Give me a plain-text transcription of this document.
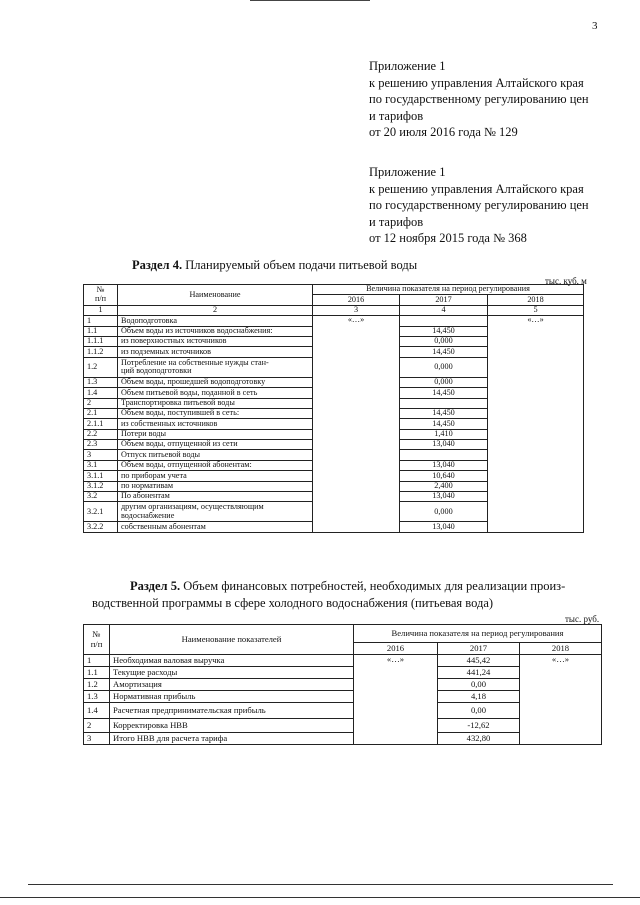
3
Приложение 1
к решению управления Алтайского края
по государственному регулированию цен
и тарифов
от 20 июля 2016 года № 129
Приложение 1
к решению управления Алтайского края
по государственному регулированию цен
и тарифов
от 12 ноября 2015 года № 368
Раздел 4. Планируемый объем подачи питьевой воды
тыс. куб. м
№
п/п	Наименование	Величина показателя на период регулирования		
		2016	2017	2018
1	2	3	4	5
1	Водоподготовка	«…»		«…»
1.1	Объем воды из источников водоснабжения:		14,450	
1.1.1	из поверхностных источников		0,000	
1.1.2	из подземных источников		14,450	
1.2	Потребление на собственные нужды стан-
ций водоподготовки		0,000	
1.3	Объем воды, прошедшей водоподготовку		0,000	
1.4	Объем питьевой воды, поданной в сеть		14,450	
2	Транспортировка питьевой воды			
2.1	Объем воды, поступившей в сеть:		14,450	
2.1.1	из собственных источников		14,450	
2.2	Потери воды		1,410	
2.3	Объем воды, отпущенной из сети		13,040	
3	Отпуск питьевой воды			
3.1	Объем воды, отпущенной абонентам:		13,040	
3.1.1	по приборам учета		10,640	
3.1.2	по нормативам		2,400	
3.2	По абонентам		13,040	
3.2.1	другим организациям, осуществляющим
водоснабжение		0,000	
3.2.2	собственным абонентам		13,040	
Раздел 5. Объем финансовых потребностей, необходимых для реализации произ-
водственной программы в сфере холодного водоснабжения (питьевая вода)
тыс. руб.
№
п/п	Наименование показателей	Величина показателя на период регулирования		
		2016	2017	2018
1	Необходимая валовая выручка	«…»	445,42	«…»
1.1	Текущие расходы		441,24	
1.2	Амортизация		0,00	
1.3	Нормативная прибыль		4,18	
1.4	Расчетная предпринимательская прибыль		0,00	
2	Корректировка НВВ		-12,62	
3	Итого НВВ для расчета тарифа		432,80	
